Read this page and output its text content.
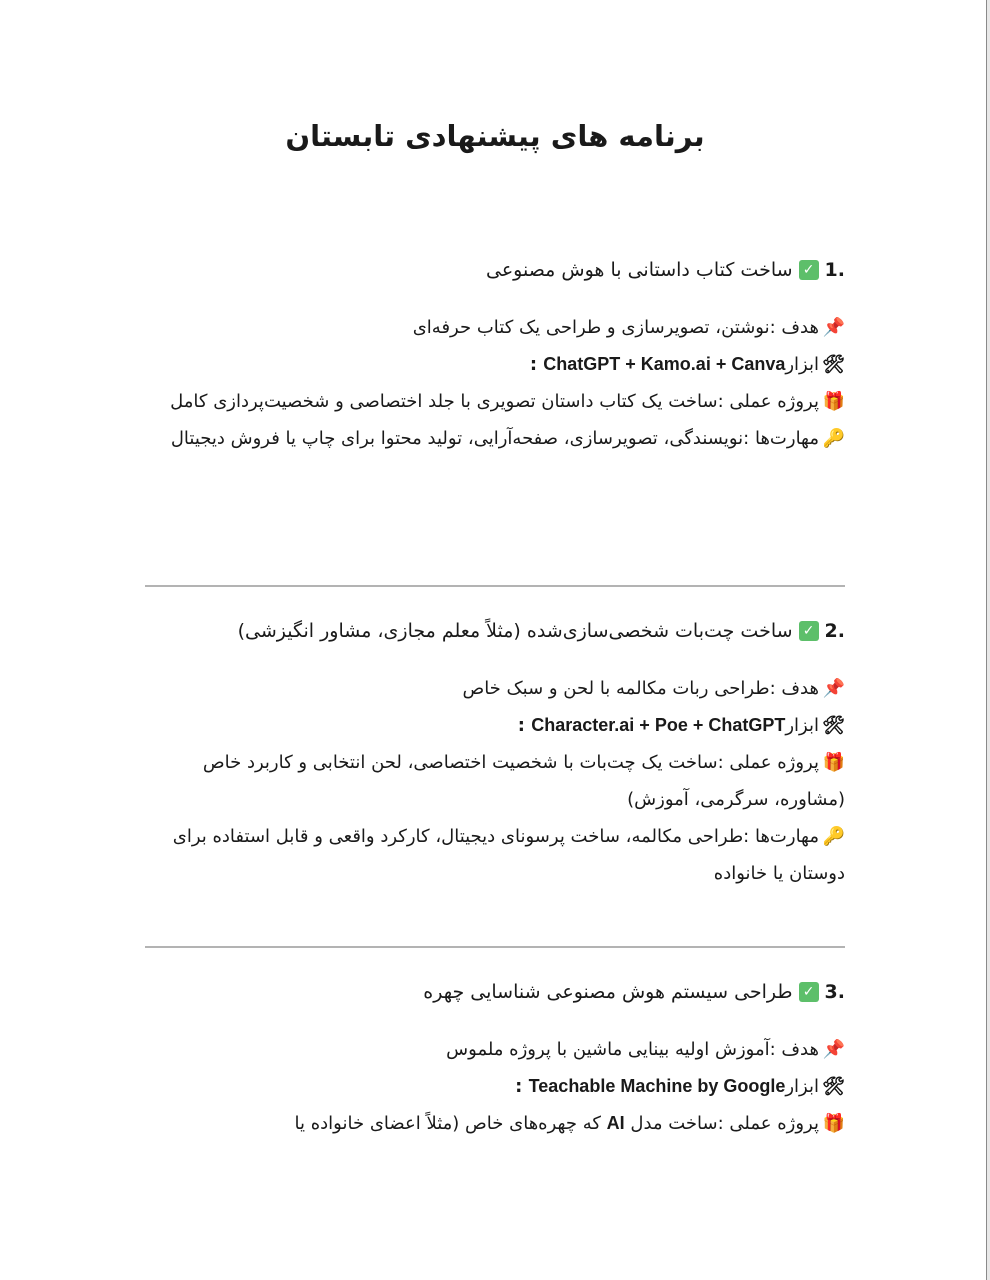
برنامه های پیشنهادی تابستان
1.
✓
ساخت کتاب داستانی با هوش مصنوعی

📌هدف :نوشتن، تصویرسازی و طراحی یک کتاب حرفه‌ای

🛠ابزارChatGPT + Kamo.ai + Canva :

🎁پروژه عملی :ساخت یک کتاب داستان تصویری با جلد اختصاصی و شخصیت‌پردازی کامل

🔑مهارت‌ها :نویسندگی، تصویرسازی، صفحه‌آرایی، تولید محتوا برای چاپ یا فروش دیجیتال

2.
✓
ساخت چت‌بات شخصی‌سازی‌شده (مثلاً معلم مجازی، مشاور انگیزشی)

📌هدف :طراحی ربات مکالمه با لحن و سبک خاص

🛠ابزارCharacter.ai + Poe + ChatGPT :

🎁پروژه عملی :ساخت یک چت‌بات با شخصیت اختصاصی، لحن انتخابی و کاربرد خاص (مشاوره، سرگرمی، آموزش)

🔑مهارت‌ها :طراحی مکالمه، ساخت پرسونای دیجیتال، کارکرد واقعی و قابل استفاده برای دوستان یا خانواده

3.
✓
طراحی سیستم هوش مصنوعی شناسایی چهره

📌هدف :آموزش اولیه بینایی ماشین با پروژه ملموس

🛠ابزارTeachable Machine by Google :

🎁پروژه عملی :ساخت مدل AI که چهره‌های خاص (مثلاً اعضای خانواده یا
